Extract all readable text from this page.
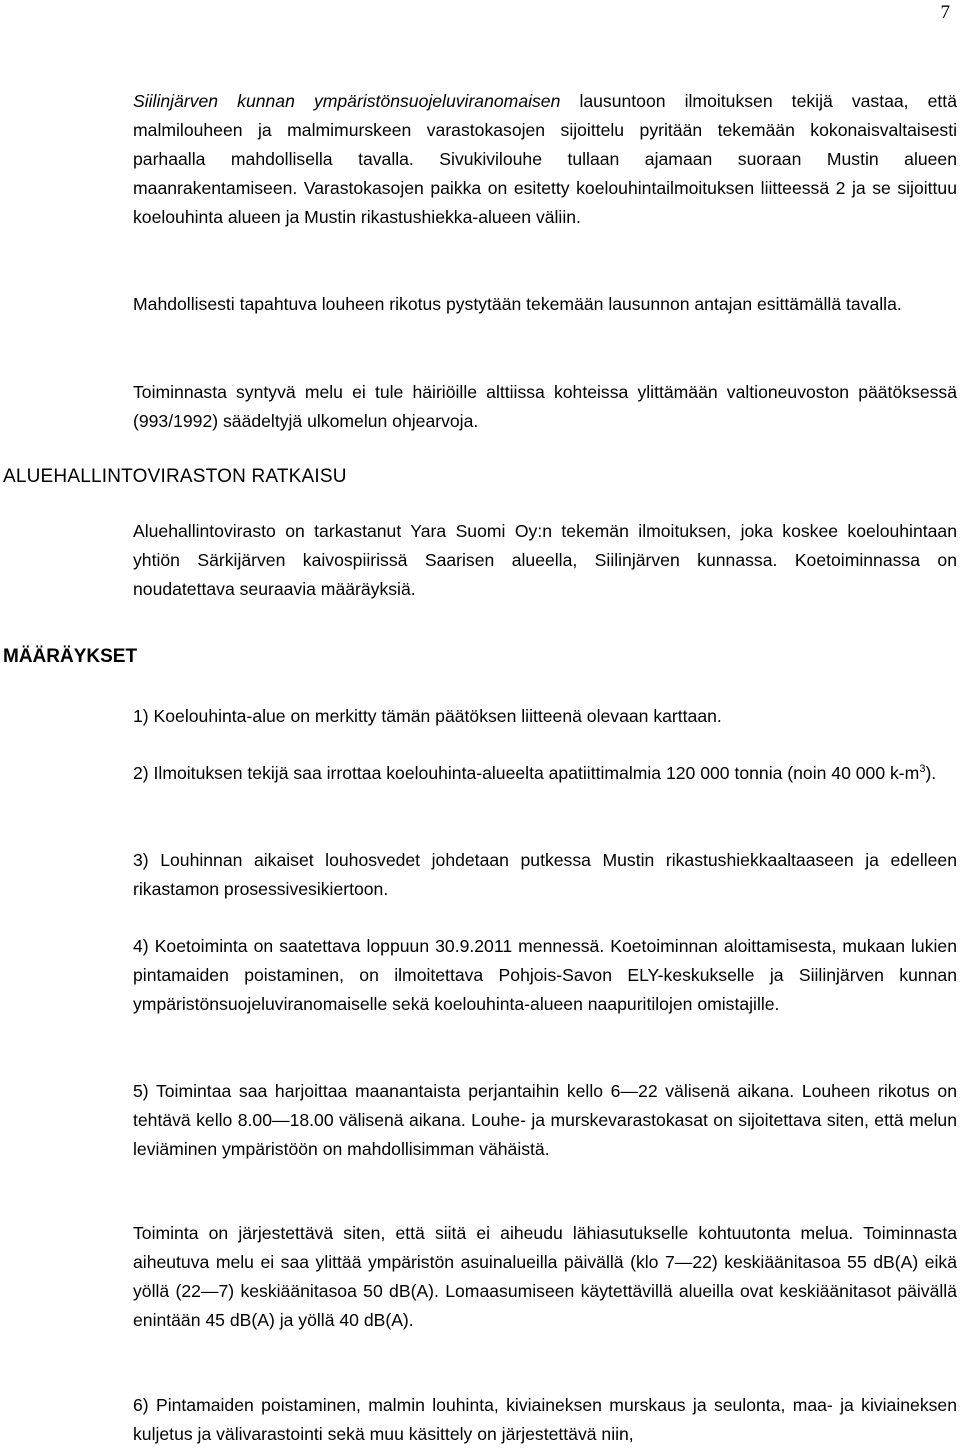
7

Siilinjärven kunnan ympäristönsuojeluviranomaisen lausuntoon ilmoituksen tekijä vastaa, että malmilouheen ja malmimurskeen varastokasojen sijoittelu pyritään tekemään kokonaisvaltaisesti parhaalla mahdollisella tavalla. Sivukivilouhe tullaan ajamaan suoraan Mustin alueen maanrakentamiseen. Varastokasojen paikka on esitetty koelouhintailmoituksen liitteessä 2 ja se sijoittuu koelouhinta alueen ja Mustin rikastushiekka-alueen väliin.

Mahdollisesti tapahtuva louheen rikotus pystytään tekemään lausunnon antajan esittämällä tavalla.

Toiminnasta syntyvä melu ei tule häiriöille alttiissa kohteissa ylittämään valtioneuvoston päätöksessä (993/1992) säädeltyjä ulkomelun ohjearvoja.

ALUEHALLINTOVIRASTON RATKAISU

Aluehallintovirasto on tarkastanut Yara Suomi Oy:n tekemän ilmoituksen, joka koskee koelouhintaan yhtiön Särkijärven kaivospiirissä Saarisen alueella, Siilinjärven kunnassa. Koetoiminnassa on noudatettava seuraavia määräyksiä.

MÄÄRÄYKSET

1) Koelouhinta-alue on merkitty tämän päätöksen liitteenä olevaan karttaan.

2) Ilmoituksen tekijä saa irrottaa koelouhinta-alueelta apatiittimalmia 120 000 tonnia (noin 40 000 $k-m^3$).

3) Louhinnan aikaiset louhosvedet johdetaan putkessa Mustin rikastushiekkaaltaaseen ja edelleen rikastamon prosessivesikiertoon.

4) Koetoiminta on saatettava loppuun 30.9.2011 mennessä. Koetoiminnan aloittamisesta, mukaan lukien pintamaiden poistaminen, on ilmoitettava Pohjois-Savon ELY-keskukselle ja Siilinjärven kunnan ympäristönsuojeluviranomaiselle sekä koelouhinta-alueen naapuritilojen omistajille.

5) Toimintaa saa harjoittaa maanantaista perjantaihin kello 6—22 välisenä aikana. Louheen rikotus on tehtävä kello 8.00—18.00 välisenä aikana. Louhe- ja murskevarastokasat on sijoitettava siten, että melun leviäminen ympäristöön on mahdollisimman vähäistä.

Toiminta on järjestettävä siten, että siitä ei aiheudu lähiasutukselle kohtuutonta melua. Toiminnasta aiheutuva melu ei saa ylittää ympäristön asuinalueilla päivällä (klo 7—22) keskiäänitasoa 55 dB(A) eikä yöllä (22—7) keskiäänitasoa 50 dB(A). Lomaasumiseen käytettävillä alueilla ovat keskiäänitasot päivällä enintään 45 dB(A) ja yöllä 40 dB(A).

6) Pintamaiden poistaminen, malmin louhinta, kiviaineksen murskaus ja seulonta, maa- ja kiviaineksen kuljetus ja välivarastointi sekä muu käsittely on järjestettävä niin,
